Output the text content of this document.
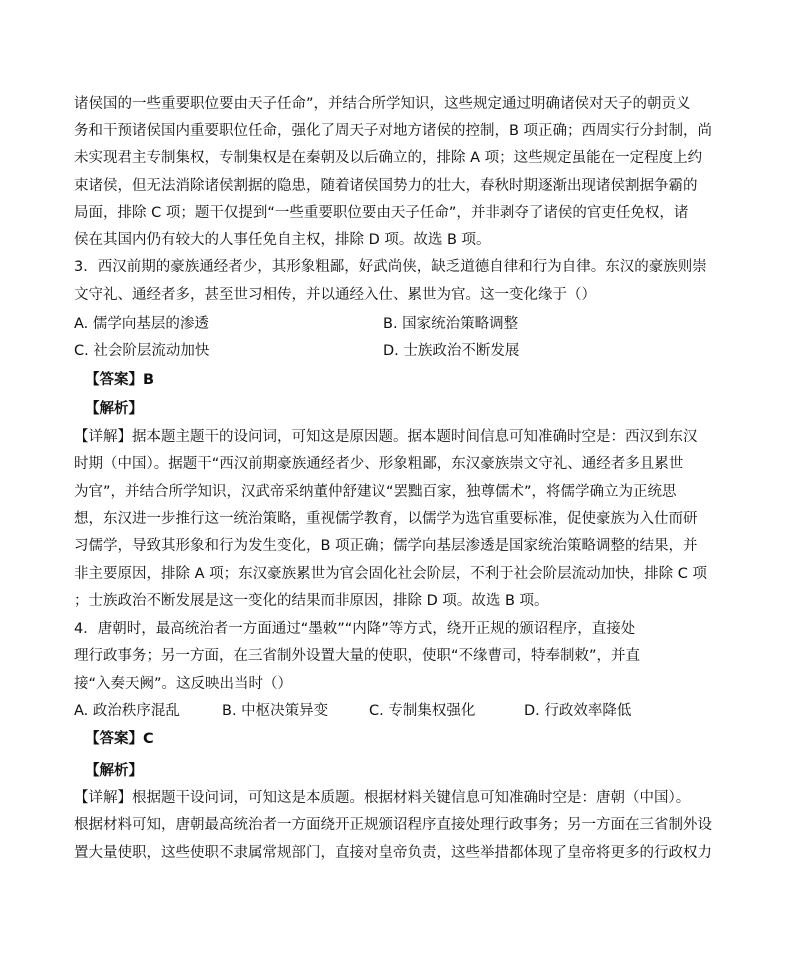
诸侯国的一些重要职位要由天子任命”，并结合所学知识，这些规定通过明确诸侯对天子的朝贡义
务和干预诸侯国内重要职位任命，强化了周天子对地方诸侯的控制，B 项正确；西周实行分封制，尚
未实现君主专制集权，专制集权是在秦朝及以后确立的，排除 A 项；这些规定虽能在一定程度上约
束诸侯，但无法消除诸侯割据的隐患，随着诸侯国势力的壮大，春秋时期逐渐出现诸侯割据争霸的
局面，排除 C 项；题干仅提到“一些重要职位要由天子任命”，并非剥夺了诸侯的官吏任免权，诸
侯在其国内仍有较大的人事任免自主权，排除 D 项。故选 B 项。
3．西汉前期的豪族通经者少，其形象粗鄙，好武尚侠，缺乏道德自律和行为自律。东汉的豪族则崇
文守礼、通经者多，甚至世习相传，并以通经入仕、累世为官。这一变化缘于（）
A. 儒学向基层的渗透	B. 国家统治策略调整
C. 社会阶层流动加快	D. 士族政治不断发展
【答案】B
【解析】
【详解】据本题主题干的设问词，可知这是原因题。据本题时间信息可知准确时空是：西汉到东汉
时期（中国）。据题干“西汉前期豪族通经者少、形象粗鄙，东汉豪族崇文守礼、通经者多且累世
为官”，并结合所学知识，汉武帝采纳董仲舒建议“罢黜百家，独尊儒术”，将儒学确立为正统思
想，东汉进一步推行这一统治策略，重视儒学教育，以儒学为选官重要标准，促使豪族为入仕而研
习儒学，导致其形象和行为发生变化，B 项正确；儒学向基层渗透是国家统治策略调整的结果，并
非主要原因，排除 A 项；东汉豪族累世为官会固化社会阶层，不利于社会阶层流动加快，排除 C 项
；士族政治不断发展是这一变化的结果而非原因，排除 D 项。故选 B 项。
4．唐朝时，最高统治者一方面通过“墨敕”“内降”等方式，绕开正规的颁诏程序，直接处
理行政事务；另一方面，在三省制外设置大量的使职，使职“不缘曹司，特奉制敕”，并直
接“入奏天阙”。这反映出当时（）
A. 政治秩序混乱	B. 中枢决策异变	C. 专制集权强化	D. 行政效率降低
【答案】C
【解析】
【详解】根据题干设问词，可知这是本质题。根据材料关键信息可知准确时空是：唐朝（中国）。
根据材料可知，唐朝最高统治者一方面绕开正规颁诏程序直接处理行政事务；另一方面在三省制外设
置大量使职，这些使职不隶属常规部门，直接对皇帝负责，这些举措都体现了皇帝将更多的行政权力
